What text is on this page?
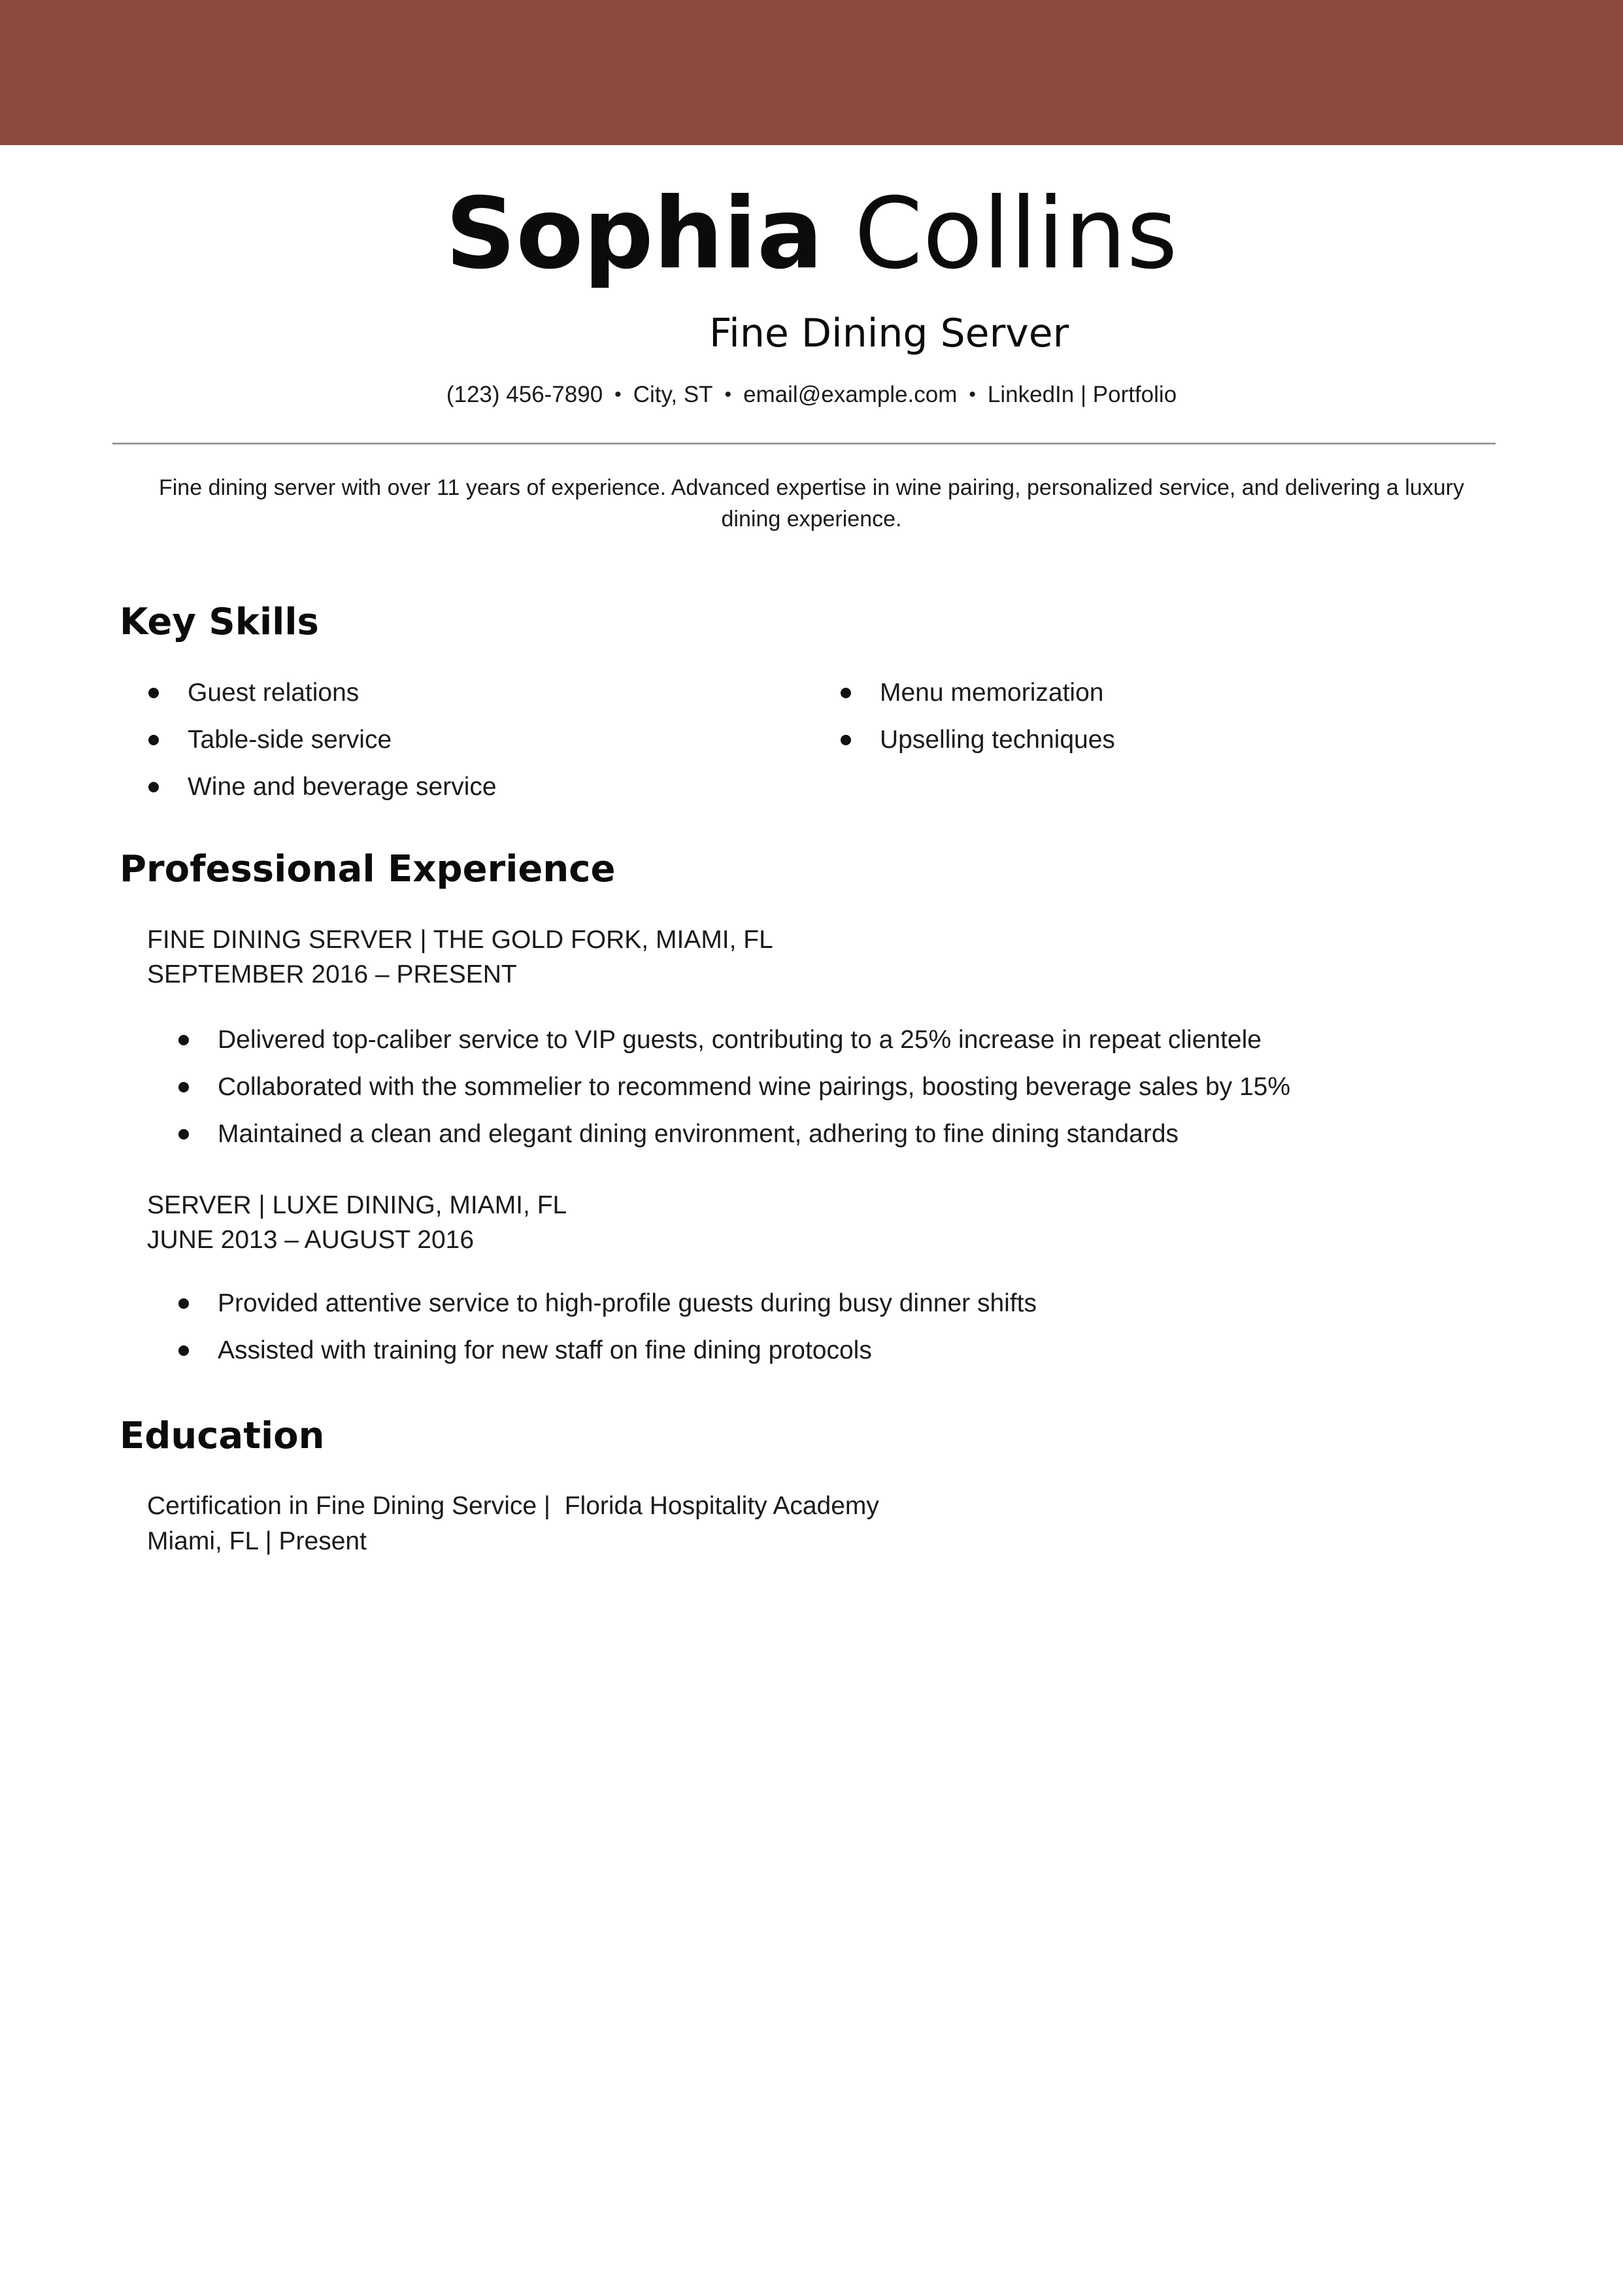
Sophia Collins
Fine Dining Server
(123) 456-7890 • City, ST • email@example.com • LinkedIn | Portfolio
Fine dining server with over 11 years of experience. Advanced expertise in wine pairing, personalized service, and delivering a luxury dining experience.
Key Skills
Guest relations
Table-side service
Wine and beverage service
Menu memorization
Upselling techniques
Professional Experience
FINE DINING SERVER | THE GOLD FORK, MIAMI, FL
SEPTEMBER 2016 – PRESENT
Delivered top-caliber service to VIP guests, contributing to a 25% increase in repeat clientele
Collaborated with the sommelier to recommend wine pairings, boosting beverage sales by 15%
Maintained a clean and elegant dining environment, adhering to fine dining standards
SERVER | LUXE DINING, MIAMI, FL
JUNE 2013 – AUGUST 2016
Provided attentive service to high-profile guests during busy dinner shifts
Assisted with training for new staff on fine dining protocols
Education
Certification in Fine Dining Service |  Florida Hospitality Academy
Miami, FL | Present
